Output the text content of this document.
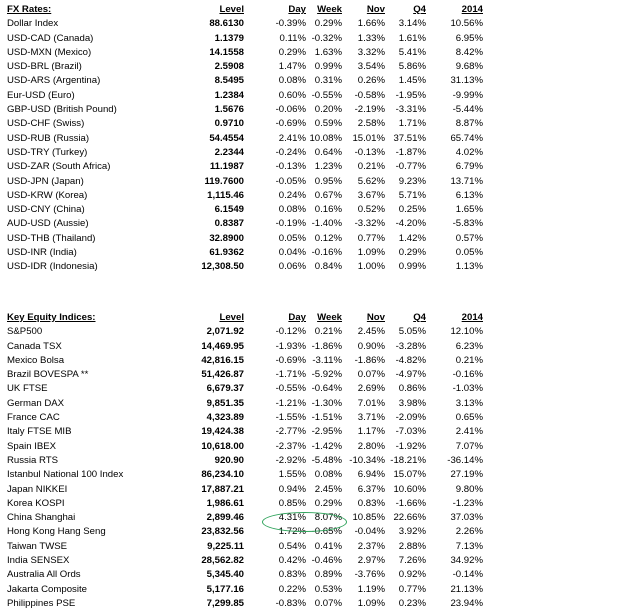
FX Rates:	Level	Day	Week	Nov	Q4	2014
Dollar Index	88.6130	-0.39%	0.29%	1.66%	3.14%	10.56%
USD-CAD (Canada)	1.1379	0.11%	-0.32%	1.33%	1.61%	6.95%
USD-MXN (Mexico)	14.1558	0.29%	1.63%	3.32%	5.41%	8.42%
USD-BRL (Brazil)	2.5908	1.47%	0.99%	3.54%	5.86%	9.68%
USD-ARS (Argentina)	8.5495	0.08%	0.31%	0.26%	1.45%	31.13%
Eur-USD (Euro)	1.2384	0.60%	-0.55%	-0.58%	-1.95%	-9.99%
GBP-USD (British Pound)	1.5676	-0.06%	0.20%	-2.19%	-3.31%	-5.44%
USD-CHF (Swiss)	0.9710	-0.69%	0.59%	2.58%	1.71%	8.87%
USD-RUB (Russia)	54.4554	2.41%	10.08%	15.01%	37.51%	65.74%
USD-TRY (Turkey)	2.2344	-0.24%	0.64%	-0.13%	-1.87%	4.02%
USD-ZAR (South Africa)	11.1987	-0.13%	1.23%	0.21%	-0.77%	6.79%
USD-JPN (Japan)	119.7600	-0.05%	0.95%	5.62%	9.23%	13.71%
USD-KRW (Korea)	1,115.46	0.24%	0.67%	3.67%	5.71%	6.13%
USD-CNY (China)	6.1549	0.08%	0.16%	0.52%	0.25%	1.65%
AUD-USD (Aussie)	0.8387	-0.19%	-1.40%	-3.32%	-4.20%	-5.83%
USD-THB (Thailand)	32.8900	0.05%	0.12%	0.77%	1.42%	0.57%
USD-INR (India)	61.9362	0.04%	-0.16%	1.09%	0.29%	0.05%
USD-IDR (Indonesia)	12,308.50	0.06%	0.84%	1.00%	0.99%	1.13%
Key Equity Indices:	Level	Day	Week	Nov	Q4	2014
S&P500	2,071.92	-0.12%	0.21%	2.45%	5.05%	12.10%
Canada TSX	14,469.95	-1.93%	-1.86%	0.90%	-3.28%	6.23%
Mexico Bolsa	42,816.15	-0.69%	-3.11%	-1.86%	-4.82%	0.21%
Brazil BOVESPA **	51,426.87	-1.71%	-5.92%	0.07%	-4.97%	-0.16%
UK FTSE	6,679.37	-0.55%	-0.64%	2.69%	0.86%	-1.03%
German DAX	9,851.35	-1.21%	-1.30%	7.01%	3.98%	3.13%
France CAC	4,323.89	-1.55%	-1.51%	3.71%	-2.09%	0.65%
Italy FTSE MIB	19,424.38	-2.77%	-2.95%	1.17%	-7.03%	2.41%
Spain IBEX	10,618.00	-2.37%	-1.42%	2.80%	-1.92%	7.07%
Russia RTS	920.90	-2.92%	-5.48%	-10.34%	-18.21%	-36.14%
Istanbul National 100 Index	86,234.10	1.55%	0.08%	6.94%	15.07%	27.19%
Japan NIKKEI	17,887.21	0.94%	2.45%	6.37%	10.60%	9.80%
Korea KOSPI	1,986.61	0.85%	0.29%	0.83%	-1.66%	-1.23%
China Shanghai	2,899.46	4.31%	8.07%	10.85%	22.66%	37.03%
Hong Kong Hang Seng	23,832.56	1.72%	-0.65%	-0.04%	3.92%	2.26%
Taiwan TWSE	9,225.11	0.54%	0.41%	2.37%	2.88%	7.13%
India SENSEX	28,562.82	0.42%	-0.46%	2.97%	7.26%	34.92%
Australia All Ords	5,345.40	0.83%	0.89%	-3.76%	0.92%	-0.14%
Jakarta Composite	5,177.16	0.22%	0.53%	1.19%	0.77%	21.13%
Philippines PSE	7,299.85	-0.83%	0.07%	1.09%	0.23%	23.94%
